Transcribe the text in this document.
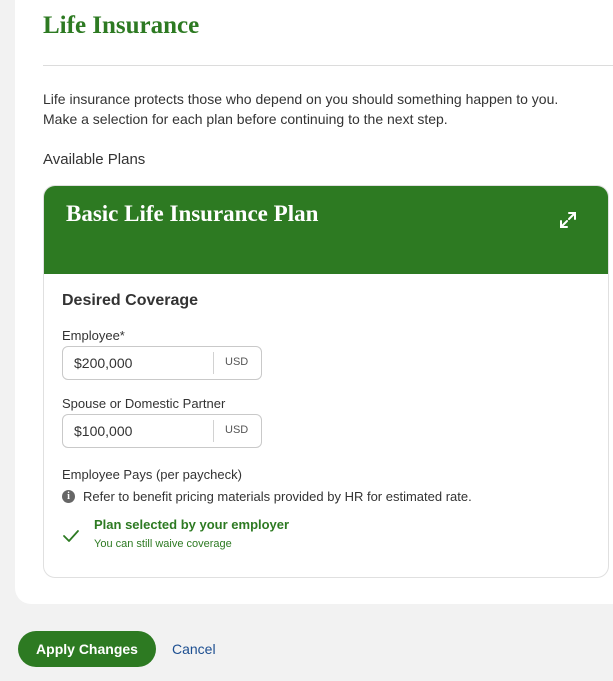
Life Insurance

Life insurance protects those who depend on you should something happen to you.

Make a selection for each plan before continuing to the next step.

Available Plans
Basic Life Insurance Plan
Desired Coverage
Employee*
$200,000
USD
Spouse or Domestic Partner
$100,000
USD
Employee Pays (per paycheck)
i	Refer to benefit pricing materials provided by HR for estimated rate.
Plan selected by your employer
You can still waive coverage
Apply Changes	Cancel
